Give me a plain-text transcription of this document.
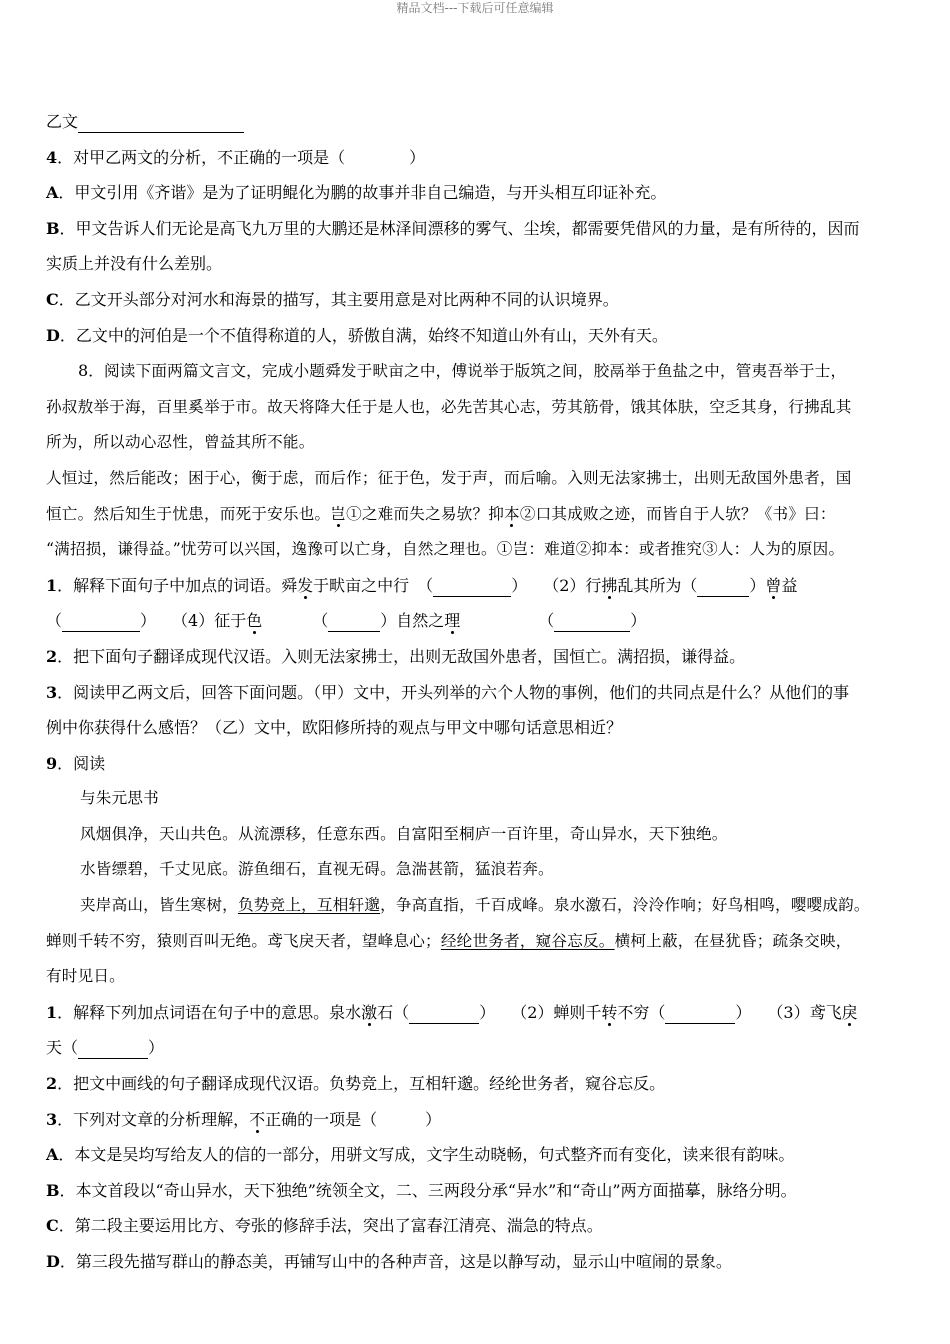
精品文档---下载后可任意编辑
乙文
4．对甲乙两文的分析，不正确的一项是（　　　　）
A．甲文引用《齐谐》是为了证明鲲化为鹏的故事并非自己编造，与开头相互印证补充。
B．甲文告诉人们无论是高飞九万里的大鹏还是林泽间漂移的雾气、尘埃，都需要凭借风的力量，是有所待的，因而
实质上并没有什么差别。
C．乙文开头部分对河水和海景的描写，其主要用意是对比两种不同的认识境界。
D．乙文中的河伯是一个不值得称道的人，骄傲自满，始终不知道山外有山，天外有天。
8．阅读下面两篇文言文，完成小题舜发于畎亩之中，傅说举于版筑之间，胶鬲举于鱼盐之中，管夷吾举于士，
孙叔敖举于海，百里奚举于市。故天将降大任于是人也，必先苦其心志，劳其筋骨，饿其体肤，空乏其身，行拂乱其
所为，所以动心忍性，曾益其所不能。
人恒过，然后能改；困于心，衡于虑，而后作；征于色，发于声，而后喻。入则无法家拂士，出则无敌国外患者，国
恒亡。然后知生于忧患，而死于安乐也。岂①之难而失之易欤？抑本②口其成败之迹，而皆自于人欤？《书》曰：
“满招损，谦得益。”忧劳可以兴国，逸豫可以亡身，自然之理也。①岂：难道②抑本：或者推究③人：人为的原因。
1．解释下面句子中加点的词语。舜发于畎亩之中行　（	）　　（2）行拂乱其所为（	）曾益
（	）　　（4）征于色	（	）自然之理	（	）
2．把下面句子翻译成现代汉语。入则无法家拂士，出则无敌国外患者，国恒亡。满招损，谦得益。
3．阅读甲乙两文后，回答下面问题。（甲）文中，开头列举的六个人物的事例，他们的共同点是什么？从他们的事
例中你获得什么感悟？（乙）文中，欧阳修所持的观点与甲文中哪句话意思相近？
9．阅读
与朱元思书
风烟俱净，天山共色。从流漂移，任意东西。自富阳至桐庐一百许里，奇山异水，天下独绝。
水皆缥碧，千丈见底。游鱼细石，直视无碍。急湍甚箭，猛浪若奔。
夹岸高山，皆生寒树，负势竞上，互相轩邈，争高直指，千百成峰。泉水激石，泠泠作响；好鸟相鸣，嘤嘤成韵。
蝉则千转不穷，猿则百叫无绝。鸢飞戾天者，望峰息心；经纶世务者，窥谷忘反。横柯上蔽，在昼犹昏；疏条交映，
有时见日。
1．解释下列加点词语在句子中的意思。泉水激石（	）　　（2）蝉则千转不穷（	）　　（3）鸢飞戾
天（	）
2．把文中画线的句子翻译成现代汉语。负势竞上，互相轩邈。经纶世务者，窥谷忘反。
3．下列对文章的分析理解，不正确的一项是（　　　）
A．本文是吴均写给友人的信的一部分，用骈文写成，文字生动晓畅，句式整齐而有变化，读来很有韵味。
B．本文首段以“奇山异水，天下独绝”统领全文，二、三两段分承“异水”和“奇山”两方面描摹，脉络分明。
C．第二段主要运用比方、夸张的修辞手法，突出了富春江清亮、湍急的特点。
D．第三段先描写群山的静态美，再铺写山中的各种声音，这是以静写动，显示山中喧闹的景象。
